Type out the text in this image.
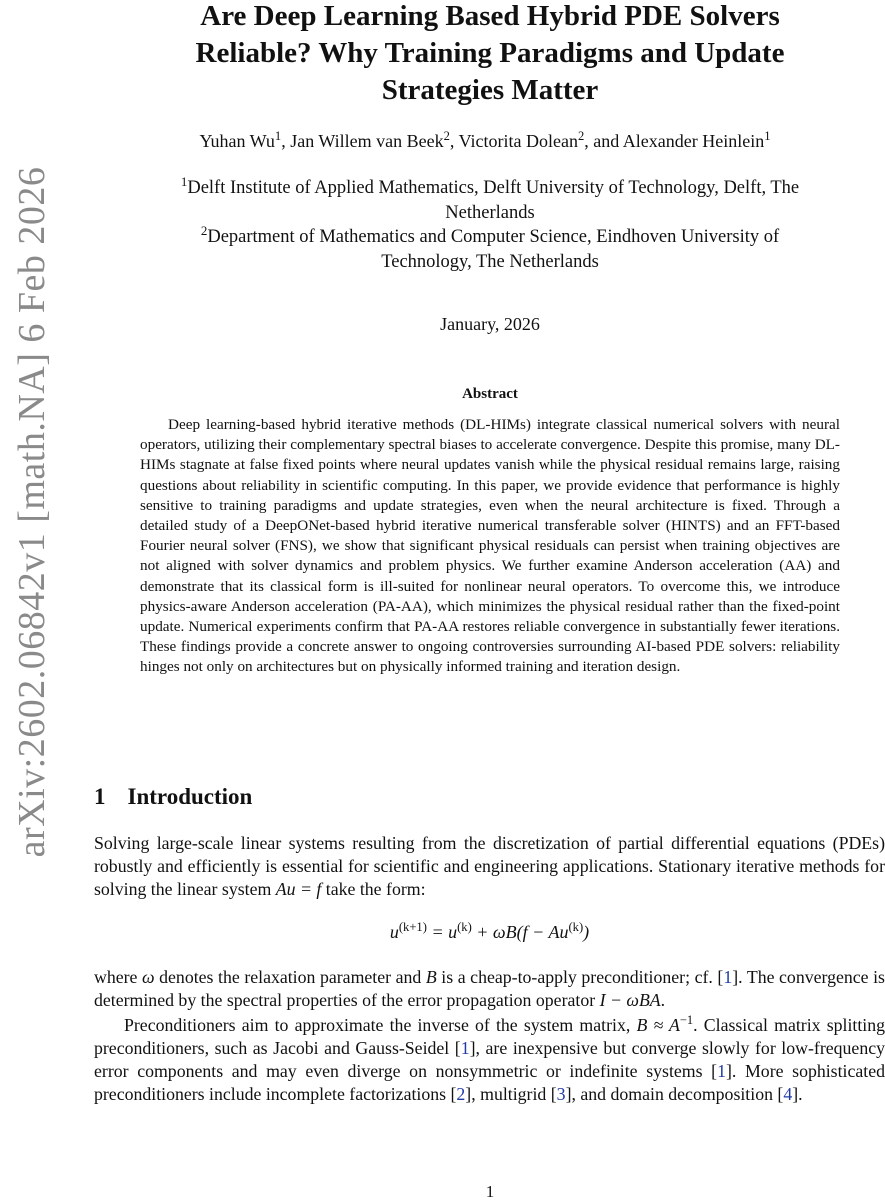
arXiv:2602.06842v1 [math.NA] 6 Feb 2026
Are Deep Learning Based Hybrid PDE Solvers
Reliable? Why Training Paradigms and Update
Strategies Matter
Yuhan Wu$^1$, Jan Willem van Beek$^2$, Victorita Dolean$^2$, and Alexander Heinlein$^1$
$^1$Delft Institute of Applied Mathematics, Delft University of Technology, Delft, The
Netherlands
$^2$Department of Mathematics and Computer Science, Eindhoven University of
Technology, The Netherlands
January, 2026
Abstract

Deep learning-based hybrid iterative methods (DL-HIMs) integrate classical numerical solvers with neural operators, utilizing their complementary spectral biases to accelerate convergence. Despite this promise, many DL-HIMs stagnate at false fixed points where neural updates vanish while the physical residual remains large, raising questions about reliability in scientific computing. In this paper, we provide evidence that performance is highly sensitive to training paradigms and update strategies, even when the neural architecture is fixed. Through a detailed study of a DeepONet-based hybrid iterative numerical transferable solver (HINTS) and an FFT-based Fourier neural solver (FNS), we show that significant physical residuals can persist when training objectives are not aligned with solver dynamics and problem physics. We further examine Anderson acceleration (AA) and demonstrate that its classical form is ill-suited for nonlinear neural operators. To overcome this, we introduce physics-aware Anderson acceleration (PA-AA), which minimizes the physical residual rather than the fixed-point update. Numerical experiments confirm that PA-AA restores reliable convergence in substantially fewer iterations. These findings provide a concrete answer to ongoing controversies surrounding AI-based PDE solvers: reliability hinges not only on architectures but on physically informed training and iteration design.

1 Introduction

Solving large-scale linear systems resulting from the discretization of partial differential equations (PDEs) robustly and efficiently is essential for scientific and engineering applications. Stationary iterative methods for solving the linear system Au = f take the form:

$u^{(k+1)} = u^{(k)} + \omega B(f - Au^{(k)})$

where ω denotes the relaxation parameter and B is a cheap-to-apply preconditioner; cf. [1]. The convergence is determined by the spectral properties of the error propagation operator I − ωBA.

Preconditioners aim to approximate the inverse of the system matrix, $B \approx A^{-1}$. Classical matrix splitting preconditioners, such as Jacobi and Gauss-Seidel [1], are inexpensive but converge slowly for low-frequency error components and may even diverge on nonsymmetric or indefinite systems [1]. More sophisticated preconditioners include incomplete factorizations [2], multigrid [3], and domain decomposition [4].

1
